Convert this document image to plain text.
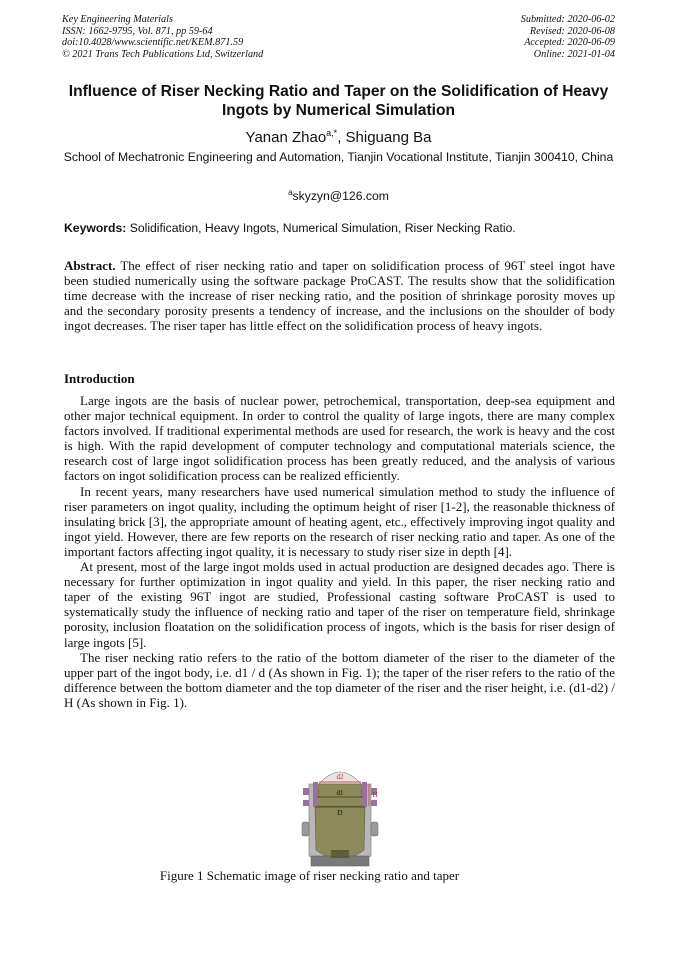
Key Engineering Materials
ISSN: 1662-9795, Vol. 871, pp 59-64
doi:10.4028/www.scientific.net/KEM.871.59
© 2021 Trans Tech Publications Ltd, Switzerland
Submitted: 2020-06-02
Revised: 2020-06-08
Accepted: 2020-06-09
Online: 2021-01-04
Influence of Riser Necking Ratio and Taper on the Solidification of Heavy Ingots by Numerical Simulation
Yanan Zhao$^{a,*}$, Shiguang Ba
School of Mechatronic Engineering and Automation, Tianjin Vocational Institute, Tianjin 300410, China
$^a$skyzyn@126.com
Keywords: Solidification, Heavy Ingots, Numerical Simulation, Riser Necking Ratio.
Abstract. The effect of riser necking ratio and taper on solidification process of 96T steel ingot have been studied numerically using the software package ProCAST. The results show that the solidification time decrease with the increase of riser necking ratio, and the position of shrinkage porosity moves up and the secondary porosity presents a tendency of increase, and the inclusions on the shoulder of body ingot decreases. The riser taper has little effect on the solidification process of heavy ingots.
Introduction

Large ingots are the basis of nuclear power, petrochemical, transportation, deep-sea equipment and other major technical equipment. In order to control the quality of large ingots, there are many complex factors involved. If traditional experimental methods are used for research, the work is heavy and the cost is high. With the rapid development of computer technology and computational materials science, the research cost of large ingot solidification process has been greatly reduced, and the analysis of various factors on ingot solidification process can be realized efficiently.

In recent years, many researchers have used numerical simulation method to study the influence of riser parameters on ingot quality, including the optimum height of riser [1-2], the reasonable thickness of insulating brick [3], the appropriate amount of heating agent, etc., effectively improving ingot quality and ingot yield. However, there are few reports on the research of riser necking ratio and taper. As one of the important factors affecting ingot quality, it is necessary to study riser size in depth [4].

At present, most of the large ingot molds used in actual production are designed decades ago. There is necessary for further optimization in ingot quality and yield. In this paper, the riser necking ratio and taper of the existing 96T ingot are studied, Professional casting software ProCAST is used to systematically study the influence of necking ratio and taper of the riser on temperature field, shrinkage porosity, inclusion floatation on the solidification process of ingots, which is the basis for riser design of large ingots [5].

The riser necking ratio refers to the ratio of the bottom diameter of the riser to the diameter of the upper part of the ingot body, i.e. d1 / d (As shown in Fig. 1); the taper of the riser refers to the ratio of the difference between the bottom diameter and the top diameter of the riser and the riser height, i.e. (d1-d2) / H (As shown in Fig. 1).

d2
d1
D
H
Figure 1 Schematic image of riser necking ratio and taper
